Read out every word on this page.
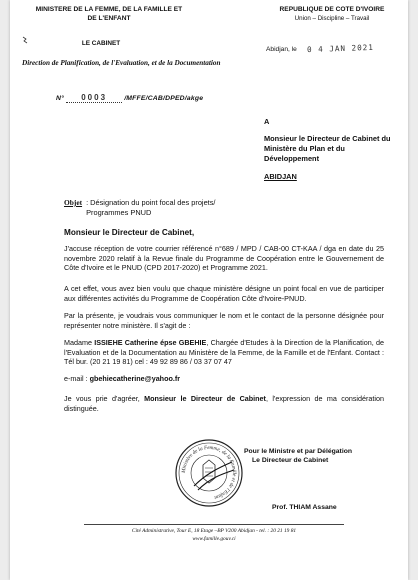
MINISTERE DE LA FEMME, DE LA FAMILLE ET DE L'ENFANT
LE CABINET
Direction de Planification, de l'Evaluation, et de la Documentation
N° 0003	/MFFE/CAB/DPED/akge
REPUBLIQUE DE COTE D'IVOIRE
Union – Discipline – Travail
Abidjan, le 0 4 JAN 2021
A
Monsieur le Directeur de Cabinet du Ministère du Plan et du Développement
ABIDJAN
Objet : Désignation du point focal des projets/ Programmes PNUD
Monsieur le Directeur de Cabinet,
J'accuse réception de votre courrier référencé n°689 / MPD / CAB-00 CT-KAA / dga en date du 25 novembre 2020 relatif à la Revue finale du Programme de Coopération entre le Gouvernement de Côte d'Ivoire et le PNUD (CPD 2017-2020) et Programme 2021.
A cet effet, vous avez bien voulu que chaque ministère désigne un point focal en vue de participer aux différentes activités du Programme de Coopération Côte d'Ivoire-PNUD.
Par la présente, je voudrais vous communiquer le nom et le contact de la personne désignée pour représenter notre ministère. Il s'agit de :
Madame ISSIEHE Catherine épse GBEHIE, Chargée d'Etudes à la Direction de la Planification, de l'Evaluation et de la Documentation au Ministère de la Femme, de la Famille et de l'Enfant. Contact : Tél bur. (20 21 19 81) cel : 49 92 89 86 / 03 37 07 47
e-mail : gbehiecatherine@yahoo.fr
Je vous prie d'agréer, Monsieur le Directeur de Cabinet, l'expression de ma considération distinguée.
Ministère de la Femme, de la Famille et de l'Enfant
Pour le Ministre et par Délégation
Le Directeur de Cabinet
Prof. THIAM Assane
Cité Administrative, Tour E, 18 Etage –BP V200 Abidjan - tel. : 20 21 19 81
www.famille.gouv.ci
